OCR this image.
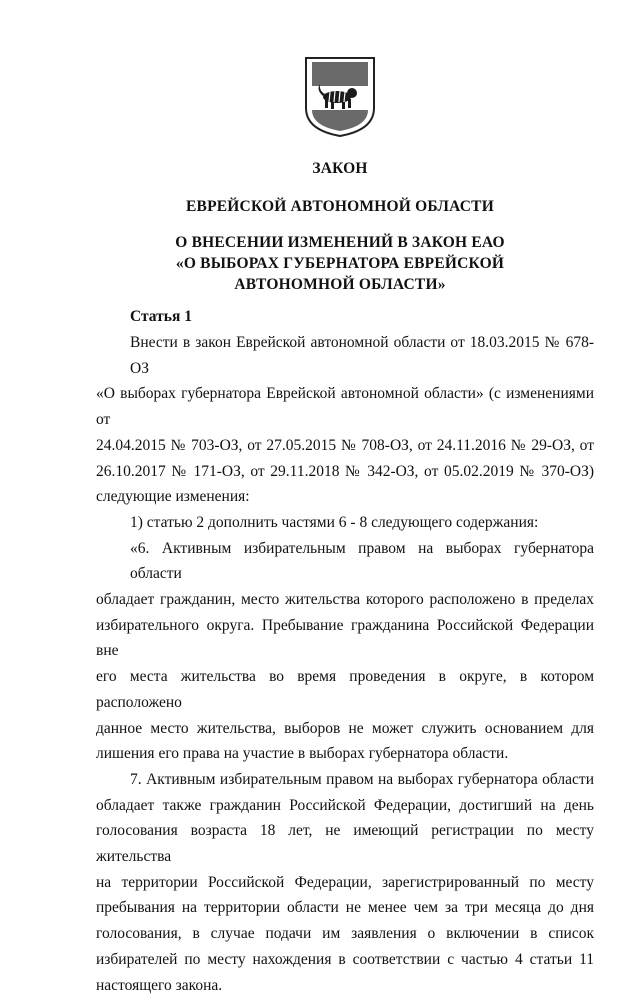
ЗАКОН
ЕВРЕЙСКОЙ АВТОНОМНОЙ ОБЛАСТИ
О ВНЕСЕНИИ ИЗМЕНЕНИЙ В ЗАКОН ЕАО
«О ВЫБОРАХ ГУБЕРНАТОРА ЕВРЕЙСКОЙ
АВТОНОМНОЙ ОБЛАСТИ»
Статья 1
Внести в закон Еврейской автономной области от 18.03.2015 № 678-ОЗ
«О выборах губернатора Еврейской автономной области» (с изменениями от
24.04.2015 № 703-ОЗ, от 27.05.2015 № 708-ОЗ, от 24.11.2016 № 29-ОЗ, от
26.10.2017 № 171-ОЗ, от 29.11.2018 № 342-ОЗ, от 05.02.2019 № 370-ОЗ)
следующие изменения:
1) статью 2 дополнить частями 6 - 8 следующего содержания:
«6. Активным избирательным правом на выборах губернатора области
обладает гражданин, место жительства которого расположено в пределах
избирательного округа. Пребывание гражданина Российской Федерации вне
его места жительства во время проведения в округе, в котором расположено
данное место жительства, выборов не может служить основанием для
лишения его права на участие в выборах губернатора области.
7. Активным избирательным правом на выборах губернатора области
обладает также гражданин Российской Федерации, достигший на день
голосования возраста 18 лет, не имеющий регистрации по месту жительства
на территории Российской Федерации, зарегистрированный по месту
пребывания на территории области не менее чем за три месяца до дня
голосования, в случае подачи им заявления о включении в список
избирателей по месту нахождения в соответствии с частью 4 статьи 11
настоящего закона.
